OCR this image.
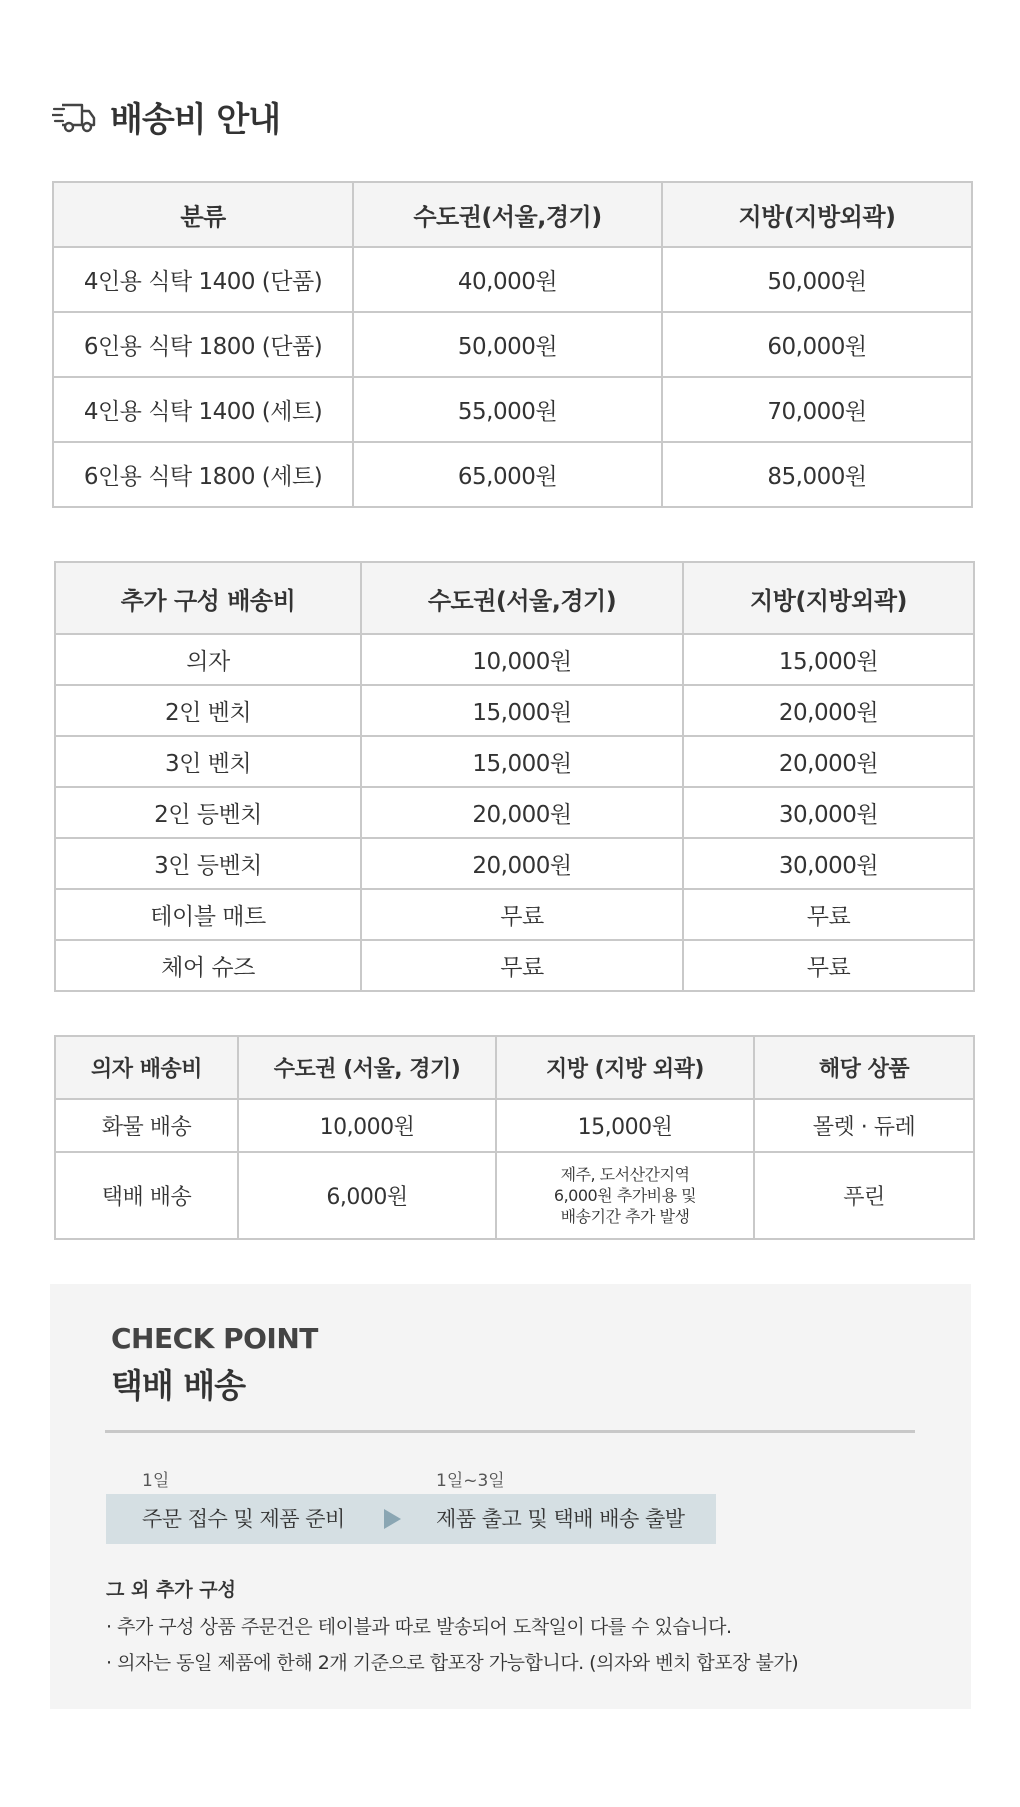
배송비 안내
분류	수도권(서울,경기)	지방(지방외곽)
4인용 식탁 1400 (단품)	40,000원	50,000원
6인용 식탁 1800 (단품)	50,000원	60,000원
4인용 식탁 1400 (세트)	55,000원	70,000원
6인용 식탁 1800 (세트)	65,000원	85,000원
추가 구성 배송비	수도권(서울,경기)	지방(지방외곽)
의자	10,000원	15,000원
2인 벤치	15,000원	20,000원
3인 벤치	15,000원	20,000원
2인 등벤치	20,000원	30,000원
3인 등벤치	20,000원	30,000원
테이블 매트	무료	무료
체어 슈즈	무료	무료
의자 배송비	수도권 (서울, 경기)	지방 (지방 외곽)	해당 상품
화물 배송	10,000원	15,000원	몰렛 · 듀레
택배 배송	6,000원	제주, 도서산간지역
6,000원 추가비용 및
배송기간 추가 발생	푸린
CHECK POINT
택배 배송
1일	1일~3일
주문 접수 및 제품 준비	제품 출고 및 택배 배송 출발
그 외 추가 구성
· 추가 구성 상품 주문건은 테이블과 따로 발송되어 도착일이 다를 수 있습니다.
· 의자는 동일 제품에 한해 2개 기준으로 합포장 가능합니다. (의자와 벤치 합포장 불가)
